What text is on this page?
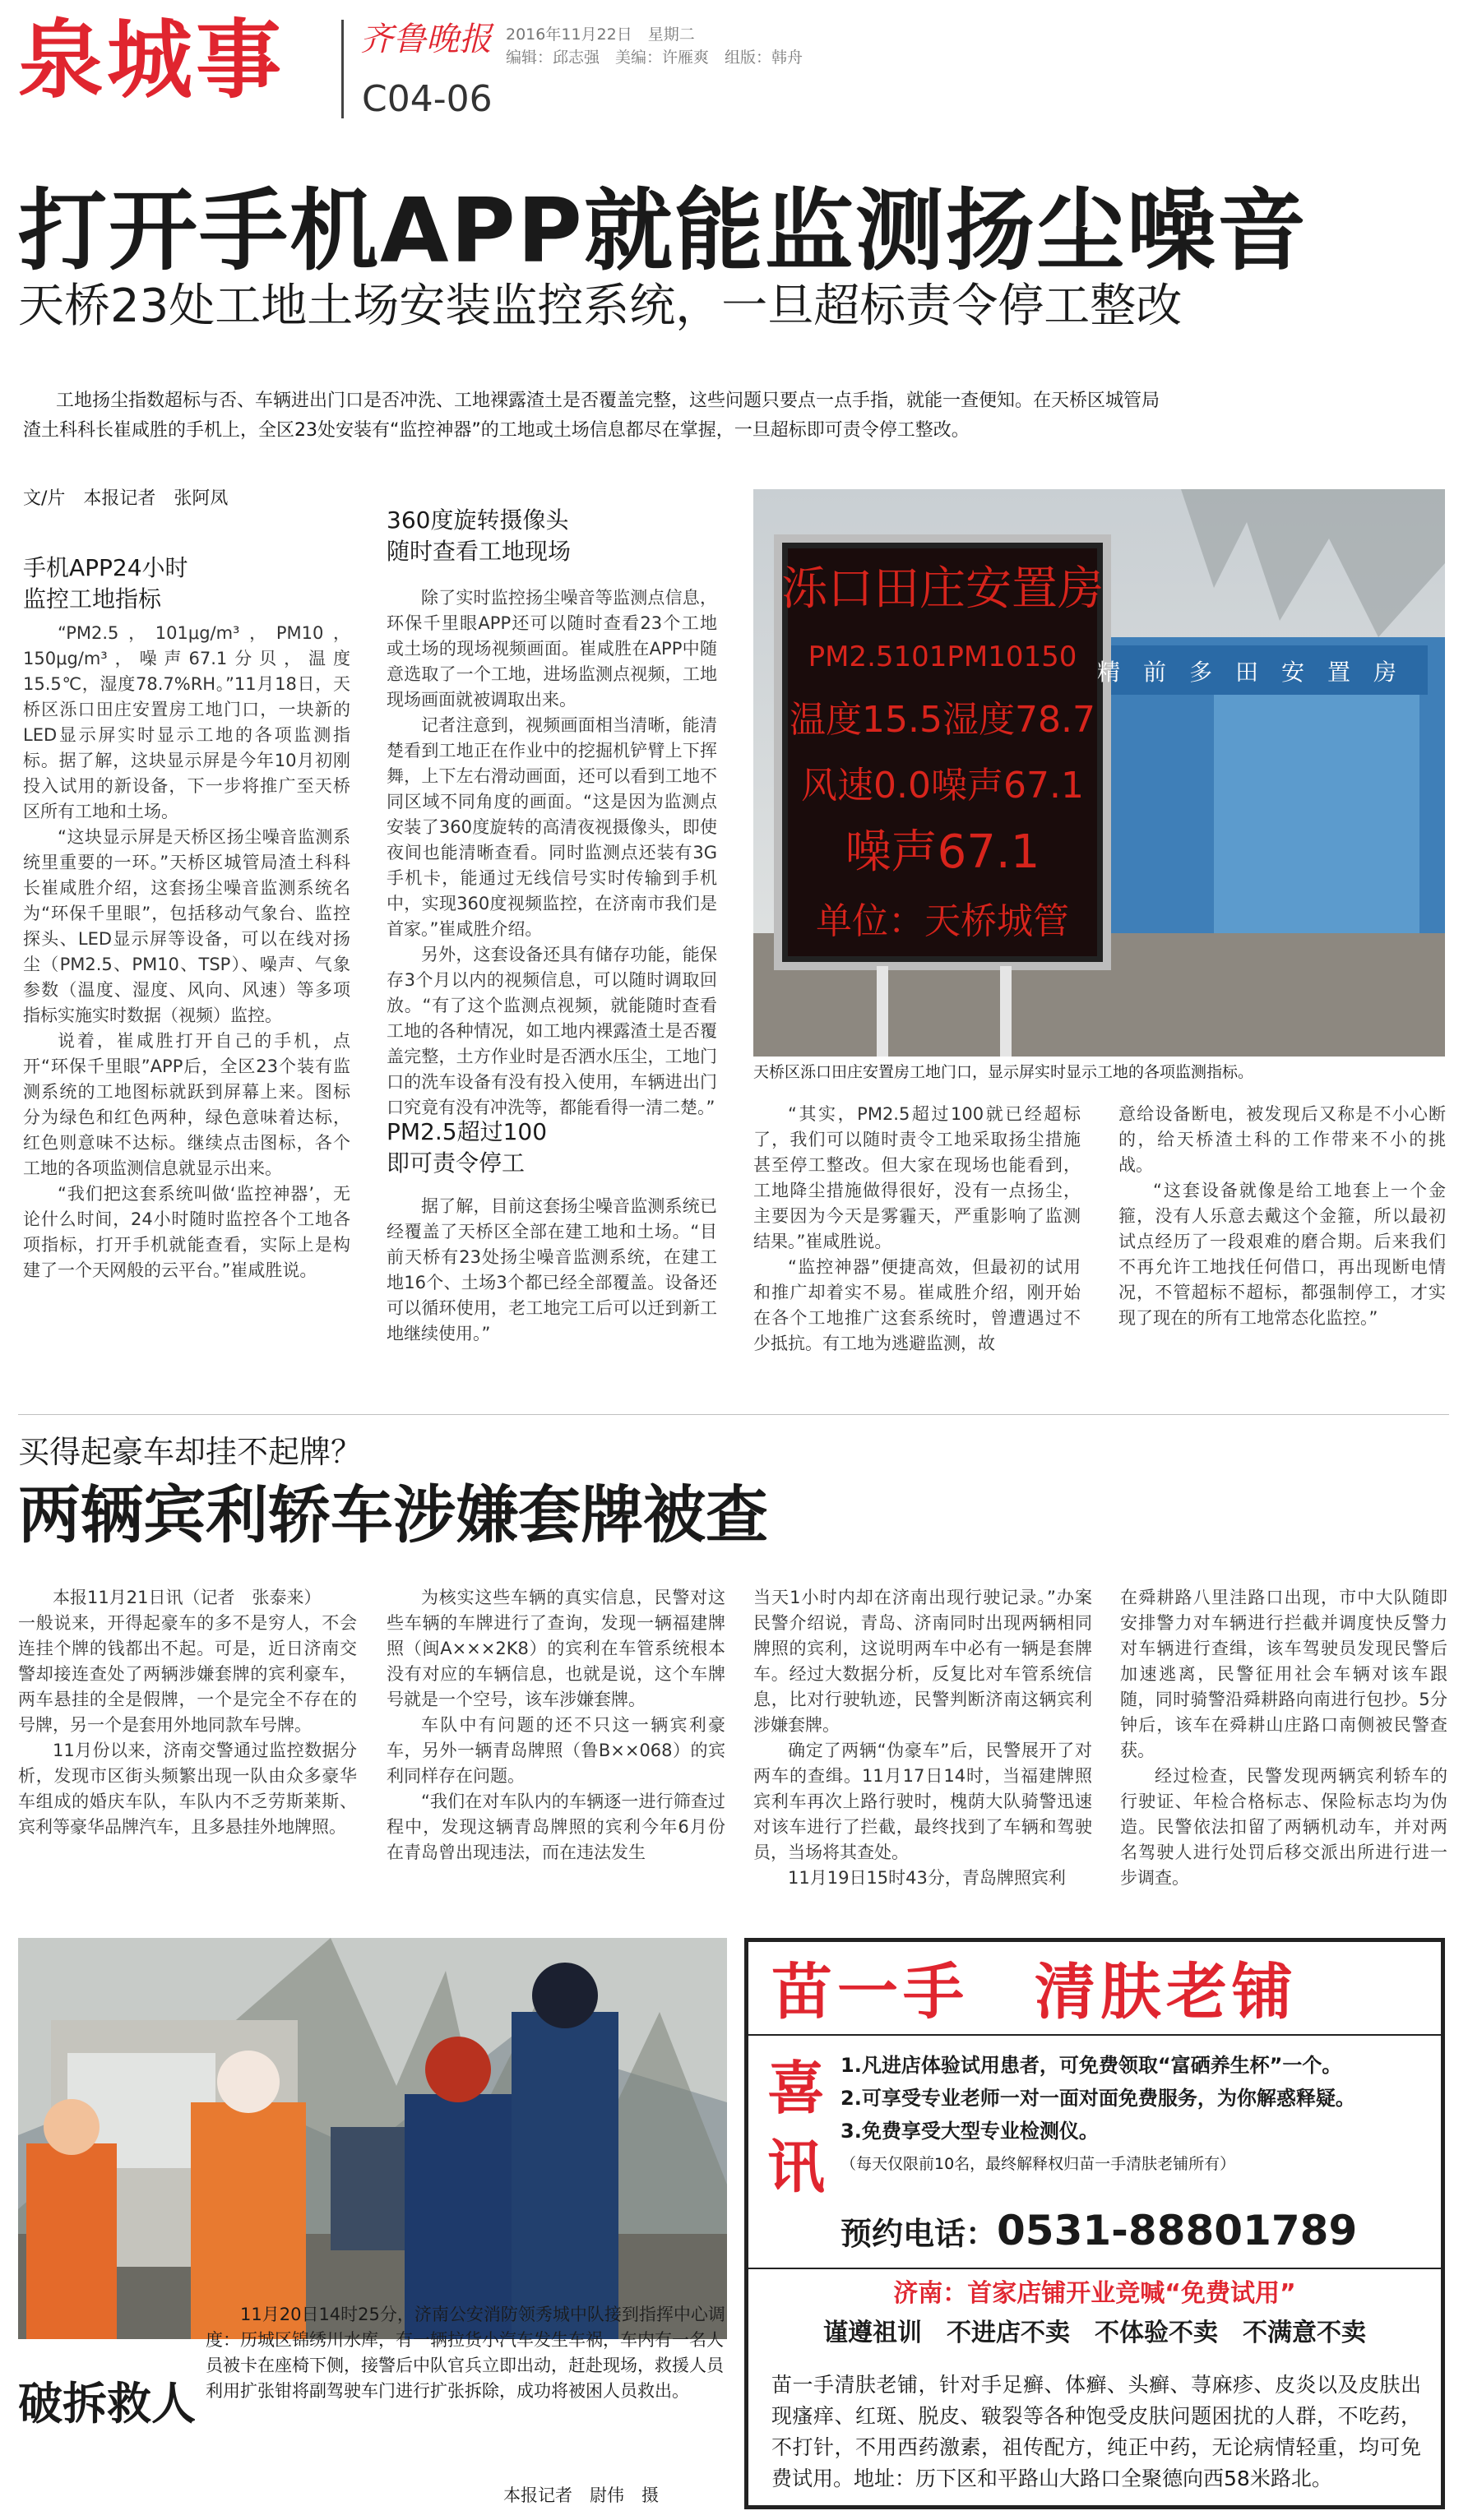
泉城事 齐鲁晚报 2016年11月22日　星期二
编辑：邱志强　美编：许雁爽　组版：韩舟
C04-06
打开手机APP就能监测扬尘噪音
天桥23处工地土场安装监控系统，一旦超标责令停工整改

工地扬尘指数超标与否、车辆进出门口是否冲洗、工地裸露渣土是否覆盖完整，这些问题只要点一点手指，就能一查便知。在天桥区城管局渣土科科长崔咸胜的手机上，全区23处安装有“监控神器”的工地或土场信息都尽在掌握，一旦超标即可责令停工整改。

文/片　本报记者　张阿凤
手机APP24小时
监控工地指标

“PM2.5，101μg/m³，PM10，150μg/m³，噪声67.1分贝，温度15.5℃，湿度78.7%RH。”11月18日，天桥区泺口田庄安置房工地门口，一块新的LED显示屏实时显示工地的各项监测指标。据了解，这块显示屏是今年10月初刚投入试用的新设备，下一步将推广至天桥区所有工地和土场。

“这块显示屏是天桥区扬尘噪音监测系统里重要的一环。”天桥区城管局渣土科科长崔咸胜介绍，这套扬尘噪音监测系统名为“环保千里眼”，包括移动气象台、监控探头、LED显示屏等设备，可以在线对扬尘（PM2.5、PM10、TSP）、噪声、气象参数（温度、湿度、风向、风速）等多项指标实施实时数据（视频）监控。

说着，崔咸胜打开自己的手机，点开“环保千里眼”APP后，全区23个装有监测系统的工地图标就跃到屏幕上来。图标分为绿色和红色两种，绿色意味着达标，红色则意味不达标。继续点击图标，各个工地的各项监测信息就显示出来。

“我们把这套系统叫做‘监控神器’，无论什么时间，24小时随时监控各个工地各项指标，打开手机就能查看，实际上是构建了一个天网般的云平台。”崔咸胜说。

360度旋转摄像头
随时查看工地现场

除了实时监控扬尘噪音等监测点信息，环保千里眼APP还可以随时查看23个工地或土场的现场视频画面。崔咸胜在APP中随意选取了一个工地，进场监测点视频，工地现场画面就被调取出来。

记者注意到，视频画面相当清晰，能清楚看到工地正在作业中的挖掘机铲臂上下挥舞，上下左右滑动画面，还可以看到工地不同区域不同角度的画面。“这是因为监测点安装了360度旋转的高清夜视摄像头，即使夜间也能清晰查看。同时监测点还装有3G手机卡，能通过无线信号实时传输到手机中，实现360度视频监控，在济南市我们是首家。”崔咸胜介绍。

另外，这套设备还具有储存功能，能保存3个月以内的视频信息，可以随时调取回放。“有了这个监测点视频，就能随时查看工地的各种情况，如工地内裸露渣土是否覆盖完整，土方作业时是否洒水压尘，工地门口的洗车设备有没有投入使用，车辆进出门口究竟有没有冲洗等，都能看得一清二楚。”

PM2.5超过100
即可责令停工

据了解，目前这套扬尘噪音监测系统已经覆盖了天桥区全部在建工地和土场。“目前天桥有23处扬尘噪音监测系统，在建工地16个、土场3个都已经全部覆盖。设备还可以循环使用，老工地完工后可以迁到新工地继续使用。”

泺口田庄安置房
PM2.5101PM10150
温度15.5湿度78.7
风速0.0噪声67.1
噪声67.1
单位：天桥城管
精　前　多　田　安　置　房
天桥区泺口田庄安置房工地门口，显示屏实时显示工地的各项监测指标。

“其实，PM2.5超过100就已经超标了，我们可以随时责令工地采取扬尘措施甚至停工整改。但大家在现场也能看到，工地降尘措施做得很好，没有一点扬尘，主要因为今天是雾霾天，严重影响了监测结果。”崔咸胜说。

“监控神器”便捷高效，但最初的试用和推广却着实不易。崔咸胜介绍，刚开始在各个工地推广这套系统时，曾遭遇过不少抵抗。有工地为逃避监测，故

意给设备断电，被发现后又称是不小心断的，给天桥渣土科的工作带来不小的挑战。

“这套设备就像是给工地套上一个金箍，没有人乐意去戴这个金箍，所以最初试点经历了一段艰难的磨合期。后来我们不再允许工地找任何借口，再出现断电情况，不管超标不超标，都强制停工，才实现了现在的所有工地常态化监控。”

买得起豪车却挂不起牌？
两辆宾利轿车涉嫌套牌被查

本报11月21日讯（记者　张泰来）

一般说来，开得起豪车的多不是穷人，不会连挂个牌的钱都出不起。可是，近日济南交警却接连查处了两辆涉嫌套牌的宾利豪车，两车悬挂的全是假牌，一个是完全不存在的号牌，另一个是套用外地同款车号牌。

11月份以来，济南交警通过监控数据分析，发现市区街头频繁出现一队由众多豪华车组成的婚庆车队，车队内不乏劳斯莱斯、宾利等豪华品牌汽车，且多悬挂外地牌照。

为核实这些车辆的真实信息，民警对这些车辆的车牌进行了查询，发现一辆福建牌照（闽A×××2K8）的宾利在车管系统根本没有对应的车辆信息，也就是说，这个车牌号就是一个空号，该车涉嫌套牌。

车队中有问题的还不只这一辆宾利豪车，另外一辆青岛牌照（鲁B××068）的宾利同样存在问题。

“我们在对车队内的车辆逐一进行筛查过程中，发现这辆青岛牌照的宾利今年6月份在青岛曾出现违法，而在违法发生

当天1小时内却在济南出现行驶记录。”办案民警介绍说，青岛、济南同时出现两辆相同牌照的宾利，这说明两车中必有一辆是套牌车。经过大数据分析，反复比对车管系统信息，比对行驶轨迹，民警判断济南这辆宾利涉嫌套牌。

确定了两辆“伪豪车”后，民警展开了对两车的查缉。11月17日14时，当福建牌照宾利车再次上路行驶时，槐荫大队骑警迅速对该车进行了拦截，最终找到了车辆和驾驶员，当场将其查处。

11月19日15时43分，青岛牌照宾利

在舜耕路八里洼路口出现，市中大队随即安排警力对车辆进行拦截并调度快反警力对车辆进行查缉，该车驾驶员发现民警后加速逃离，民警征用社会车辆对该车跟随，同时骑警沿舜耕路向南进行包抄。5分钟后，该车在舜耕山庄路口南侧被民警查获。

经过检查，民警发现两辆宾利轿车的行驶证、年检合格标志、保险标志均为伪造。民警依法扣留了两辆机动车，并对两名驾驶人进行处罚后移交派出所进行进一步调查。

破拆救人

11月20日14时25分，济南公安消防领秀城中队接到指挥中心调度：历城区锦绣川水库，有一辆拉货小汽车发生车祸，车内有一名人员被卡在座椅下侧，接警后中队官兵立即出动，赶赴现场，救援人员利用扩张钳将副驾驶车门进行扩张拆除，成功将被困人员救出。

本报记者　尉伟　摄
苗一手　清肤老铺
喜
讯
1.凡进店体验试用患者，可免费领取“富硒养生杯”一个。
2.可享受专业老师一对一面对面免费服务，为你解惑释疑。
3.免费享受大型专业检测仪。
（每天仅限前10名，最终解释权归苗一手清肤老铺所有）
预约电话：0531-88801789
济南：首家店铺开业竞喊“免费试用”
谨遵祖训　不进店不卖　不体验不卖　不满意不卖
苗一手清肤老铺，针对手足癣、体癣、头癣、荨麻疹、皮炎以及皮肤出现瘙痒、红斑、脱皮、皲裂等各种饱受皮肤问题困扰的人群，不吃药，不打针，不用西药激素，祖传配方，纯正中药，无论病情轻重，均可免费试用。地址：历下区和平路山大路口全聚德向西58米路北。
